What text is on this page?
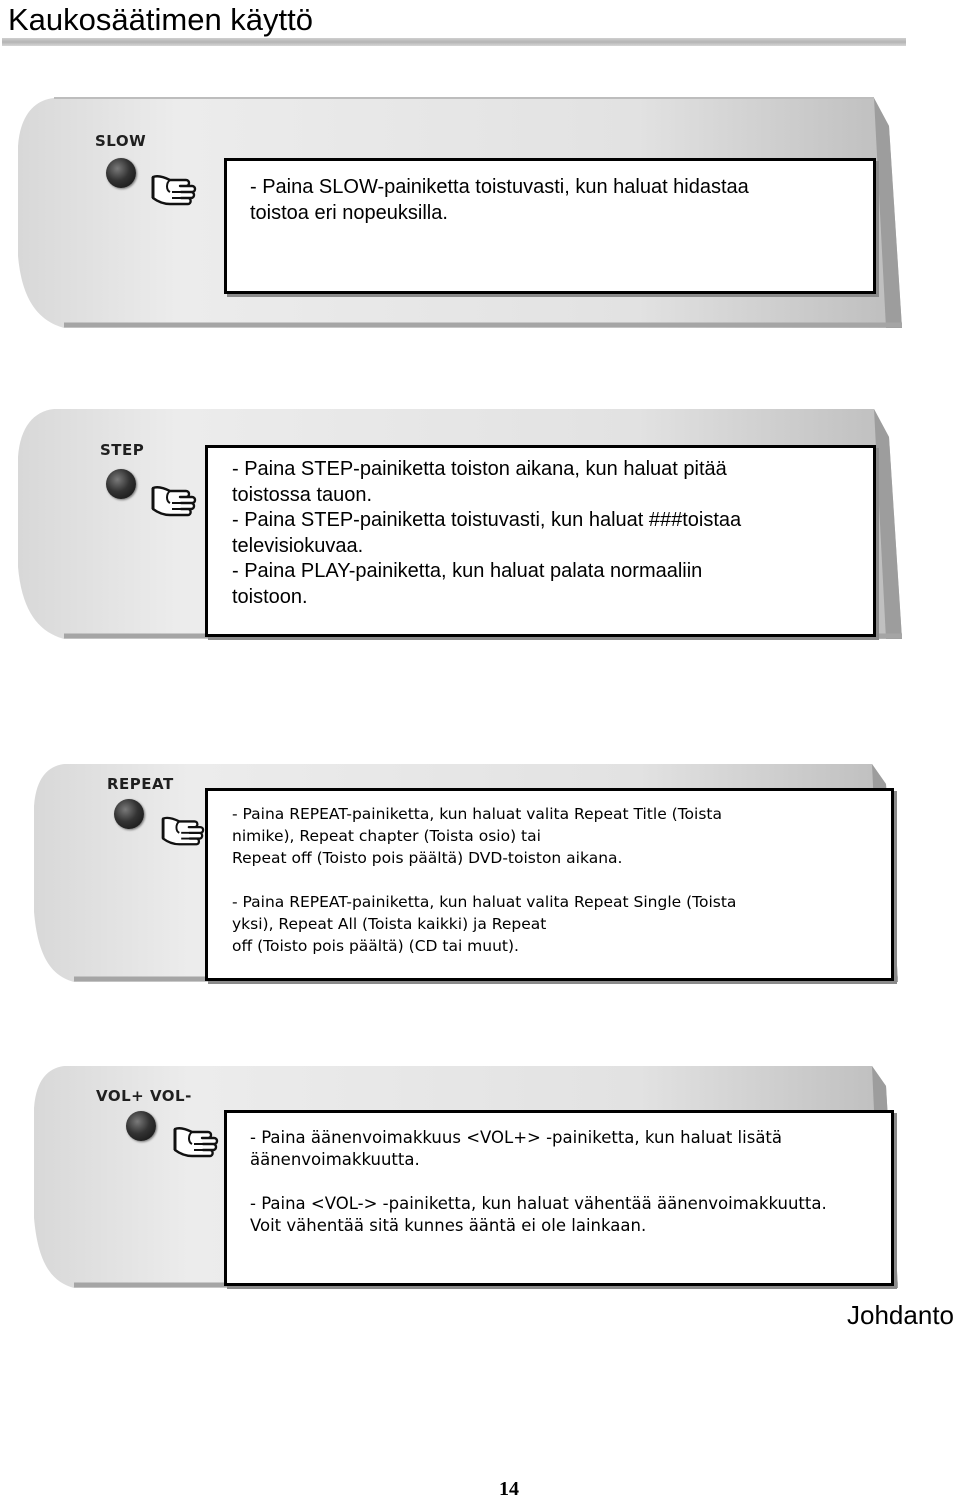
Kaukosäätimen käyttö
SLOW

- Paina SLOW-painiketta toistuvasti, kun haluat hidastaa

toistoa eri nopeuksilla.

STEP

- Paina STEP-painiketta toiston aikana, kun haluat pitää

toistossa tauon.

- Paina STEP-painiketta toistuvasti, kun haluat ###toistaa

televisiokuvaa.

- Paina PLAY-painiketta, kun haluat palata normaaliin

toistoon.

REPEAT

- Paina REPEAT-painiketta, kun haluat valita Repeat Title (Toista

nimike), Repeat chapter (Toista osio) tai

Repeat off (Toisto pois päältä) DVD-toiston aikana.

- Paina REPEAT-painiketta, kun haluat valita Repeat Single (Toista

yksi), Repeat All (Toista kaikki) ja Repeat

off (Toisto pois päältä) (CD tai muut).

VOL+ VOL-

- Paina äänenvoimakkuus <VOL+> -painiketta, kun haluat lisätä

äänenvoimakkuutta.

- Paina <VOL-> -painiketta, kun haluat vähentää äänenvoimakkuutta.

Voit vähentää sitä kunnes ääntä ei ole lainkaan.

Johdanto
14
